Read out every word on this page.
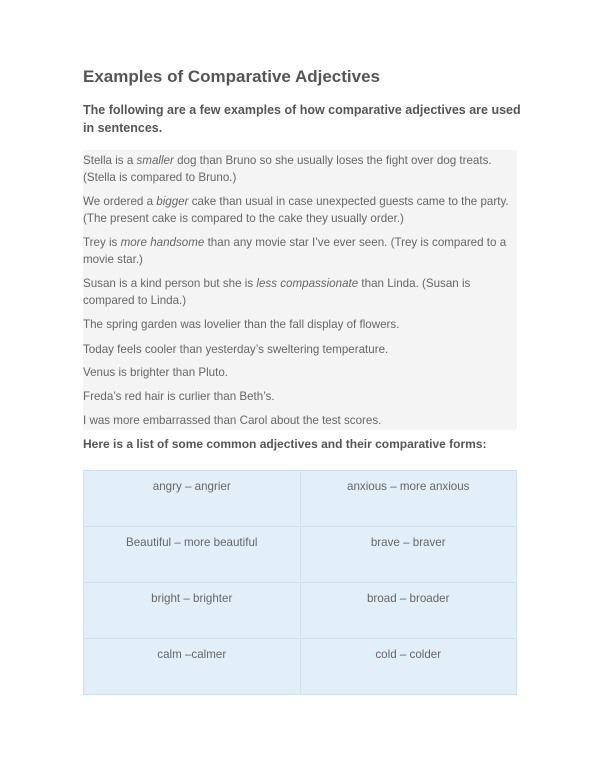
Examples of Comparative Adjectives

The following are a few examples of how comparative adjectives are used in sentences.

Stella is a smaller dog than Bruno so she usually loses the fight over dog treats. (Stella is compared to Bruno.)

We ordered a bigger cake than usual in case unexpected guests came to the party. (The present cake is compared to the cake they usually order.)

Trey is more handsome than any movie star I’ve ever seen. (Trey is compared to a movie star.)

Susan is a kind person but she is less compassionate than Linda. (Susan is compared to Linda.)

The spring garden was lovelier than the fall display of flowers.

Today feels cooler than yesterday’s sweltering temperature.

Venus is brighter than Pluto.

Freda’s red hair is curlier than Beth’s.

I was more embarrassed than Carol about the test scores.

Here is a list of some common adjectives and their comparative forms:

angry – angrier	anxious – more anxious
Beautiful – more beautiful	brave – braver
bright – brighter	broad – broader
calm –calmer	cold – colder
